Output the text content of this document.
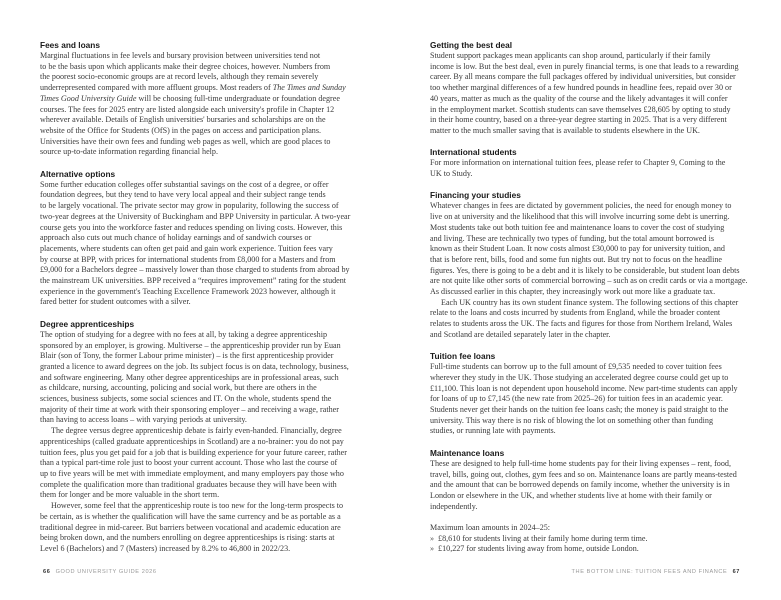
Fees and loans
Marginal fluctuations in fee levels and bursary provision between universities tend not
to be the basis upon which applicants make their degree choices, however. Numbers from
the poorest socio-economic groups are at record levels, although they remain severely
underrepresented compared with more affluent groups. Most readers of The Times and Sunday
Times Good University Guide will be choosing full-time undergraduate or foundation degree
courses. The fees for 2025 entry are listed alongside each university's profile in Chapter 12
wherever available. Details of English universities' bursaries and scholarships are on the
website of the Office for Students (OfS) in the pages on access and participation plans.
Universities have their own fees and funding web pages as well, which are good places to
source up-to-date information regarding financial help.
Alternative options
Some further education colleges offer substantial savings on the cost of a degree, or offer
foundation degrees, but they tend to have very local appeal and their subject range tends
to be largely vocational. The private sector may grow in popularity, following the success of
two-year degrees at the University of Buckingham and BPP University in particular. A two-year
course gets you into the workforce faster and reduces spending on living costs. However, this
approach also cuts out much chance of holiday earnings and of sandwich courses or
placements, where students can often get paid and gain work experience. Tuition fees vary
by course at BPP, with prices for international students from £8,000 for a Masters and from
£9,000 for a Bachelors degree – massively lower than those charged to students from abroad by
the mainstream UK universities. BPP received a “requires improvement” rating for the student
experience in the government's Teaching Excellence Framework 2023 however, although it
fared better for student outcomes with a silver.
Degree apprenticeships
The option of studying for a degree with no fees at all, by taking a degree apprenticeship
sponsored by an employer, is growing. Multiverse – the apprenticeship provider run by Euan
Blair (son of Tony, the former Labour prime minister) – is the first apprenticeship provider
granted a licence to award degrees on the job. Its subject focus is on data, technology, business,
and software engineering. Many other degree apprenticeships are in professional areas, such
as childcare, nursing, accounting, policing and social work, but there are others in the
sciences, business subjects, some social sciences and IT. On the whole, students spend the
majority of their time at work with their sponsoring employer – and receiving a wage, rather
than having to access loans – with varying periods at university.
The degree versus degree apprenticeship debate is fairly even-handed. Financially, degree
apprenticeships (called graduate apprenticeships in Scotland) are a no-brainer: you do not pay
tuition fees, plus you get paid for a job that is building experience for your future career, rather
than a typical part-time role just to boost your current account. Those who last the course of
up to five years will be met with immediate employment, and many employers pay those who
complete the qualification more than traditional graduates because they will have been with
them for longer and be more valuable in the short term.
However, some feel that the apprenticeship route is too new for the long-term prospects to
be certain, as is whether the qualification will have the same currency and be as portable as a
traditional degree in mid-career. But barriers between vocational and academic education are
being broken down, and the numbers enrolling on degree apprenticeships is rising: starts at
Level 6 (Bachelors) and 7 (Masters) increased by 8.2% to 46,800 in 2022/23.
Getting the best deal
Student support packages mean applicants can shop around, particularly if their family
income is low. But the best deal, even in purely financial terms, is one that leads to a rewarding
career. By all means compare the full packages offered by individual universities, but consider
too whether marginal differences of a few hundred pounds in headline fees, repaid over 30 or
40 years, matter as much as the quality of the course and the likely advantages it will confer
in the employment market. Scottish students can save themselves £28,605 by opting to study
in their home country, based on a three-year degree starting in 2025. That is a very different
matter to the much smaller saving that is available to students elsewhere in the UK.
International students
For more information on international tuition fees, please refer to Chapter 9, Coming to the
UK to Study.
Financing your studies
Whatever changes in fees are dictated by government policies, the need for enough money to
live on at university and the likelihood that this will involve incurring some debt is unerring.
Most students take out both tuition fee and maintenance loans to cover the cost of studying
and living. These are technically two types of funding, but the total amount borrowed is
known as their Student Loan. It now costs almost £30,000 to pay for university tuition, and
that is before rent, bills, food and some fun nights out. But try not to focus on the headline
figures. Yes, there is going to be a debt and it is likely to be considerable, but student loan debts
are not quite like other sorts of commercial borrowing – such as on credit cards or via a mortgage.
As discussed earlier in this chapter, they increasingly work out more like a graduate tax.
Each UK country has its own student finance system. The following sections of this chapter
relate to the loans and costs incurred by students from England, while the broader content
relates to students aross the UK. The facts and figures for those from Northern Ireland, Wales
and Scotland are detailed separately later in the chapter.
Tuition fee loans
Full-time students can borrow up to the full amount of £9,535 needed to cover tuition fees
wherever they study in the UK. Those studying an accelerated degree course could get up to
£11,100. This loan is not dependent upon household income. New part-time students can apply
for loans of up to £7,145 (the new rate from 2025–26) for tuition fees in an academic year.
Students never get their hands on the tuition fee loans cash; the money is paid straight to the
university. This way there is no risk of blowing the lot on something other than funding
studies, or running late with payments.
Maintenance loans
These are designed to help full-time home students pay for their living expenses – rent, food,
travel, bills, going out, clothes, gym fees and so on. Maintenance loans are partly means-tested
and the amount that can be borrowed depends on family income, whether the university is in
London or elsewhere in the UK, and whether students live at home with their family or
independently.
Maximum loan amounts in 2024–25:
» £8,610 for students living at their family home during term time.
» £10,227 for students living away from home, outside London.
66 GOOD UNIVERSITY GUIDE 2026	THE BOTTOM LINE: TUITION FEES AND FINANCE 67
